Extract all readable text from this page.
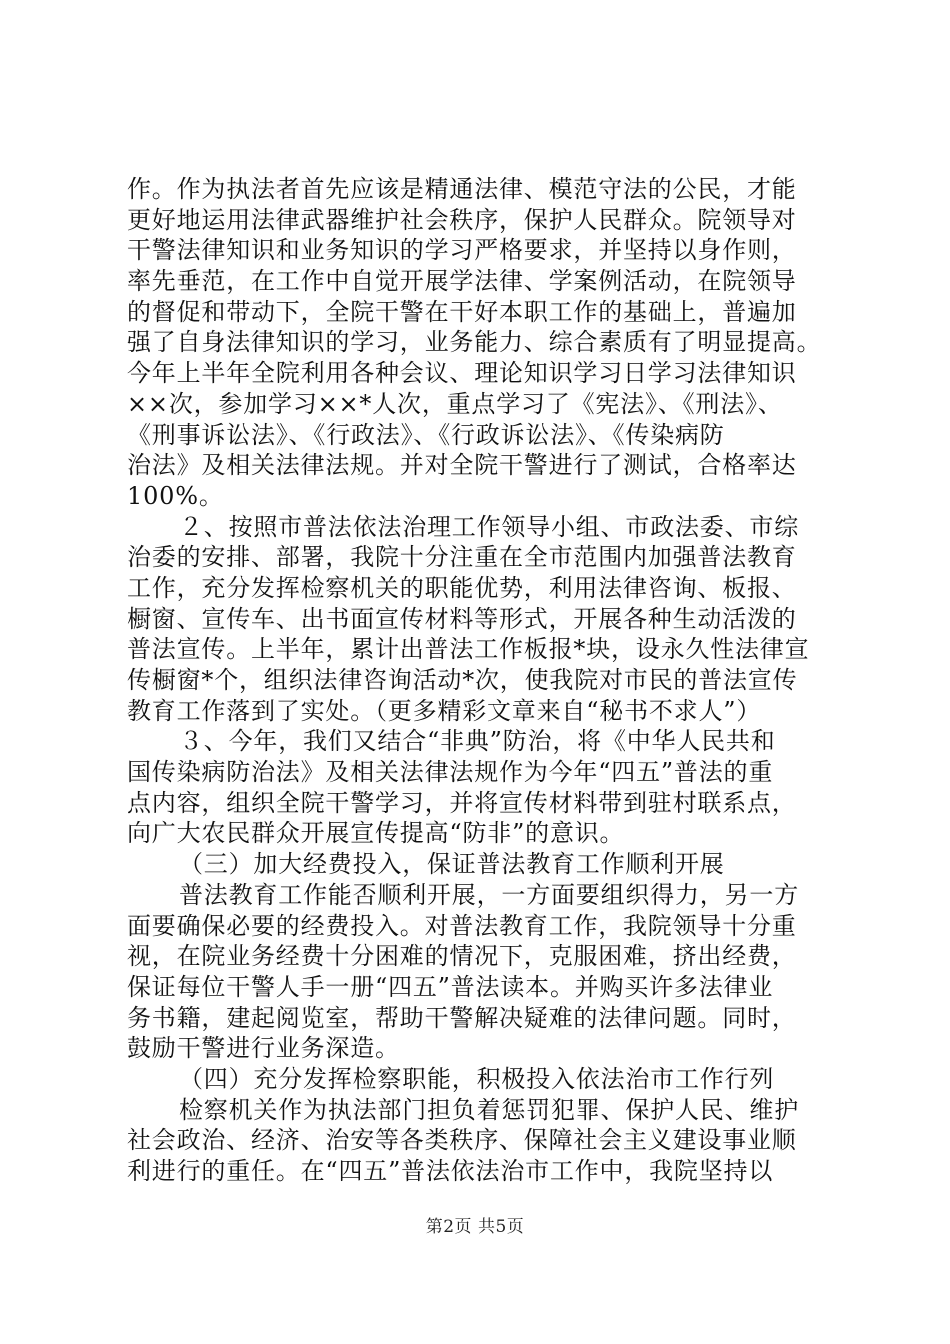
作。作为执法者首先应该是精通法律、模范守法的公民，才能
更好地运用法律武器维护社会秩序，保护人民群众。院领导对
干警法律知识和业务知识的学习严格要求，并坚持以身作则，
率先垂范，在工作中自觉开展学法律、学案例活动，在院领导
的督促和带动下，全院干警在干好本职工作的基础上，普遍加
强了自身法律知识的学习，业务能力、综合素质有了明显提高。
今年上半年全院利用各种会议、理论知识学习日学习法律知识
××次，参加学习××*人次，重点学习了《宪法》、《刑法》、
《刑事诉讼法》、《行政法》、《行政诉讼法》、《传染病防
治法》及相关法律法规。并对全院干警进行了测试，合格率达
100%。
２、按照市普法依法治理工作领导小组、市政法委、市综
治委的安排、部署，我院十分注重在全市范围内加强普法教育
工作，充分发挥检察机关的职能优势，利用法律咨询、板报、
橱窗、宣传车、出书面宣传材料等形式，开展各种生动活泼的
普法宣传。上半年，累计出普法工作板报*块，设永久性法律宣
传橱窗*个，组织法律咨询活动*次，使我院对市民的普法宣传
教育工作落到了实处。（更多精彩文章来自“秘书不求人”）
３、今年，我们又结合“非典”防治，将《中华人民共和
国传染病防治法》及相关法律法规作为今年“四五”普法的重
点内容，组织全院干警学习，并将宣传材料带到驻村联系点，
向广大农民群众开展宣传提高“防非”的意识。
（三）加大经费投入，保证普法教育工作顺利开展
普法教育工作能否顺利开展，一方面要组织得力，另一方
面要确保必要的经费投入。对普法教育工作，我院领导十分重
视，在院业务经费十分困难的情况下，克服困难，挤出经费，
保证每位干警人手一册“四五”普法读本。并购买许多法律业
务书籍，建起阅览室，帮助干警解决疑难的法律问题。同时，
鼓励干警进行业务深造。
（四）充分发挥检察职能，积极投入依法治市工作行列
检察机关作为执法部门担负着惩罚犯罪、保护人民、维护
社会政治、经济、治安等各类秩序、保障社会主义建设事业顺
利进行的重任。在“四五”普法依法治市工作中，我院坚持以
第2页 共5页
